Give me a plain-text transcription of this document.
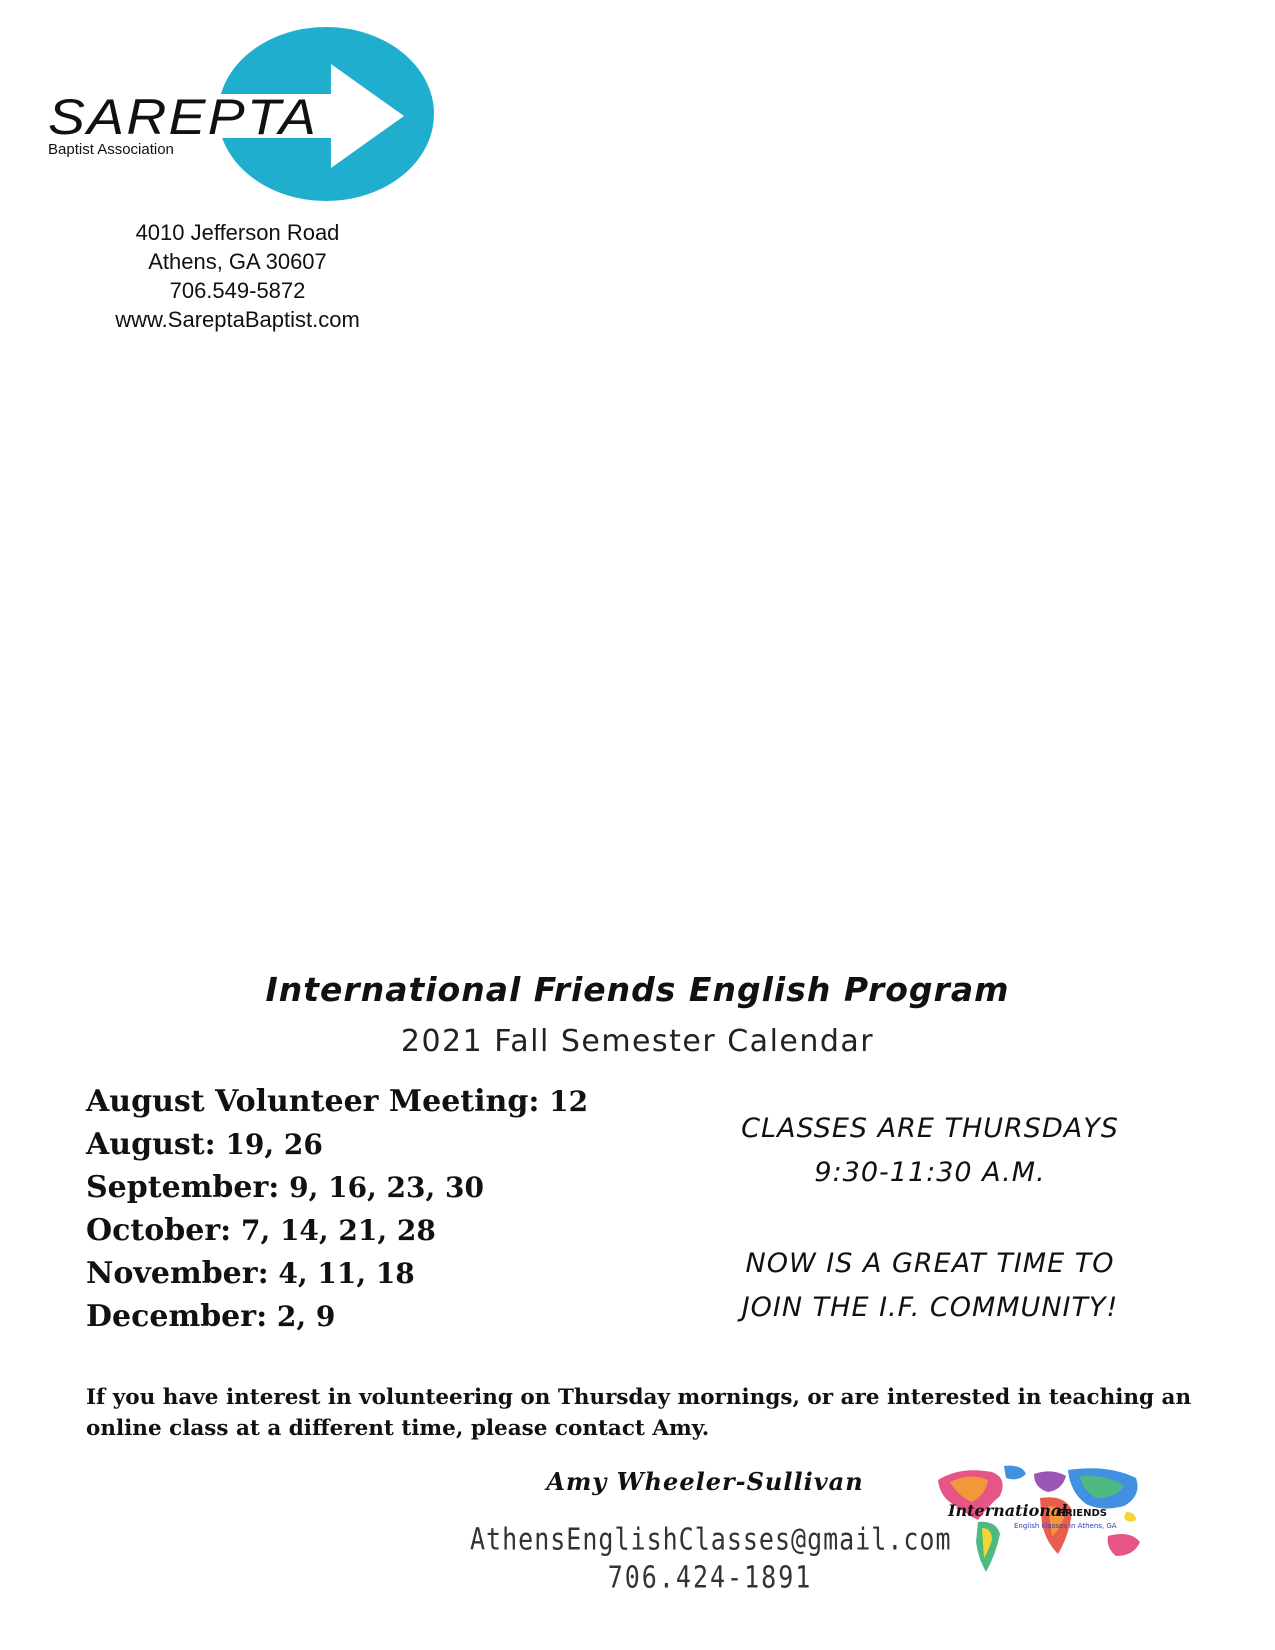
SAREPTA
Baptist Association
4010 Jefferson Road
Athens, GA 30607
706.549-5872
www.SareptaBaptist.com
International Friends English Program
2021 Fall Semester Calendar
August Volunteer Meeting: 12
August: 19, 26
September: 9, 16, 23, 30
October: 7, 14, 21, 28
November: 4, 11, 18
December: 2, 9
CLASSES ARE THURSDAYS
9:30-11:30 A.M.
NOW IS A GREAT TIME TO
JOIN THE I.F. COMMUNITY!
If you have interest in volunteering on Thursday mornings, or are interested in teaching an online class at a different time, please contact Amy.
Amy Wheeler-Sullivan
AthensEnglishClasses@gmail.com
706.424-1891
International
FRIENDS
English classes in Athens, GA
